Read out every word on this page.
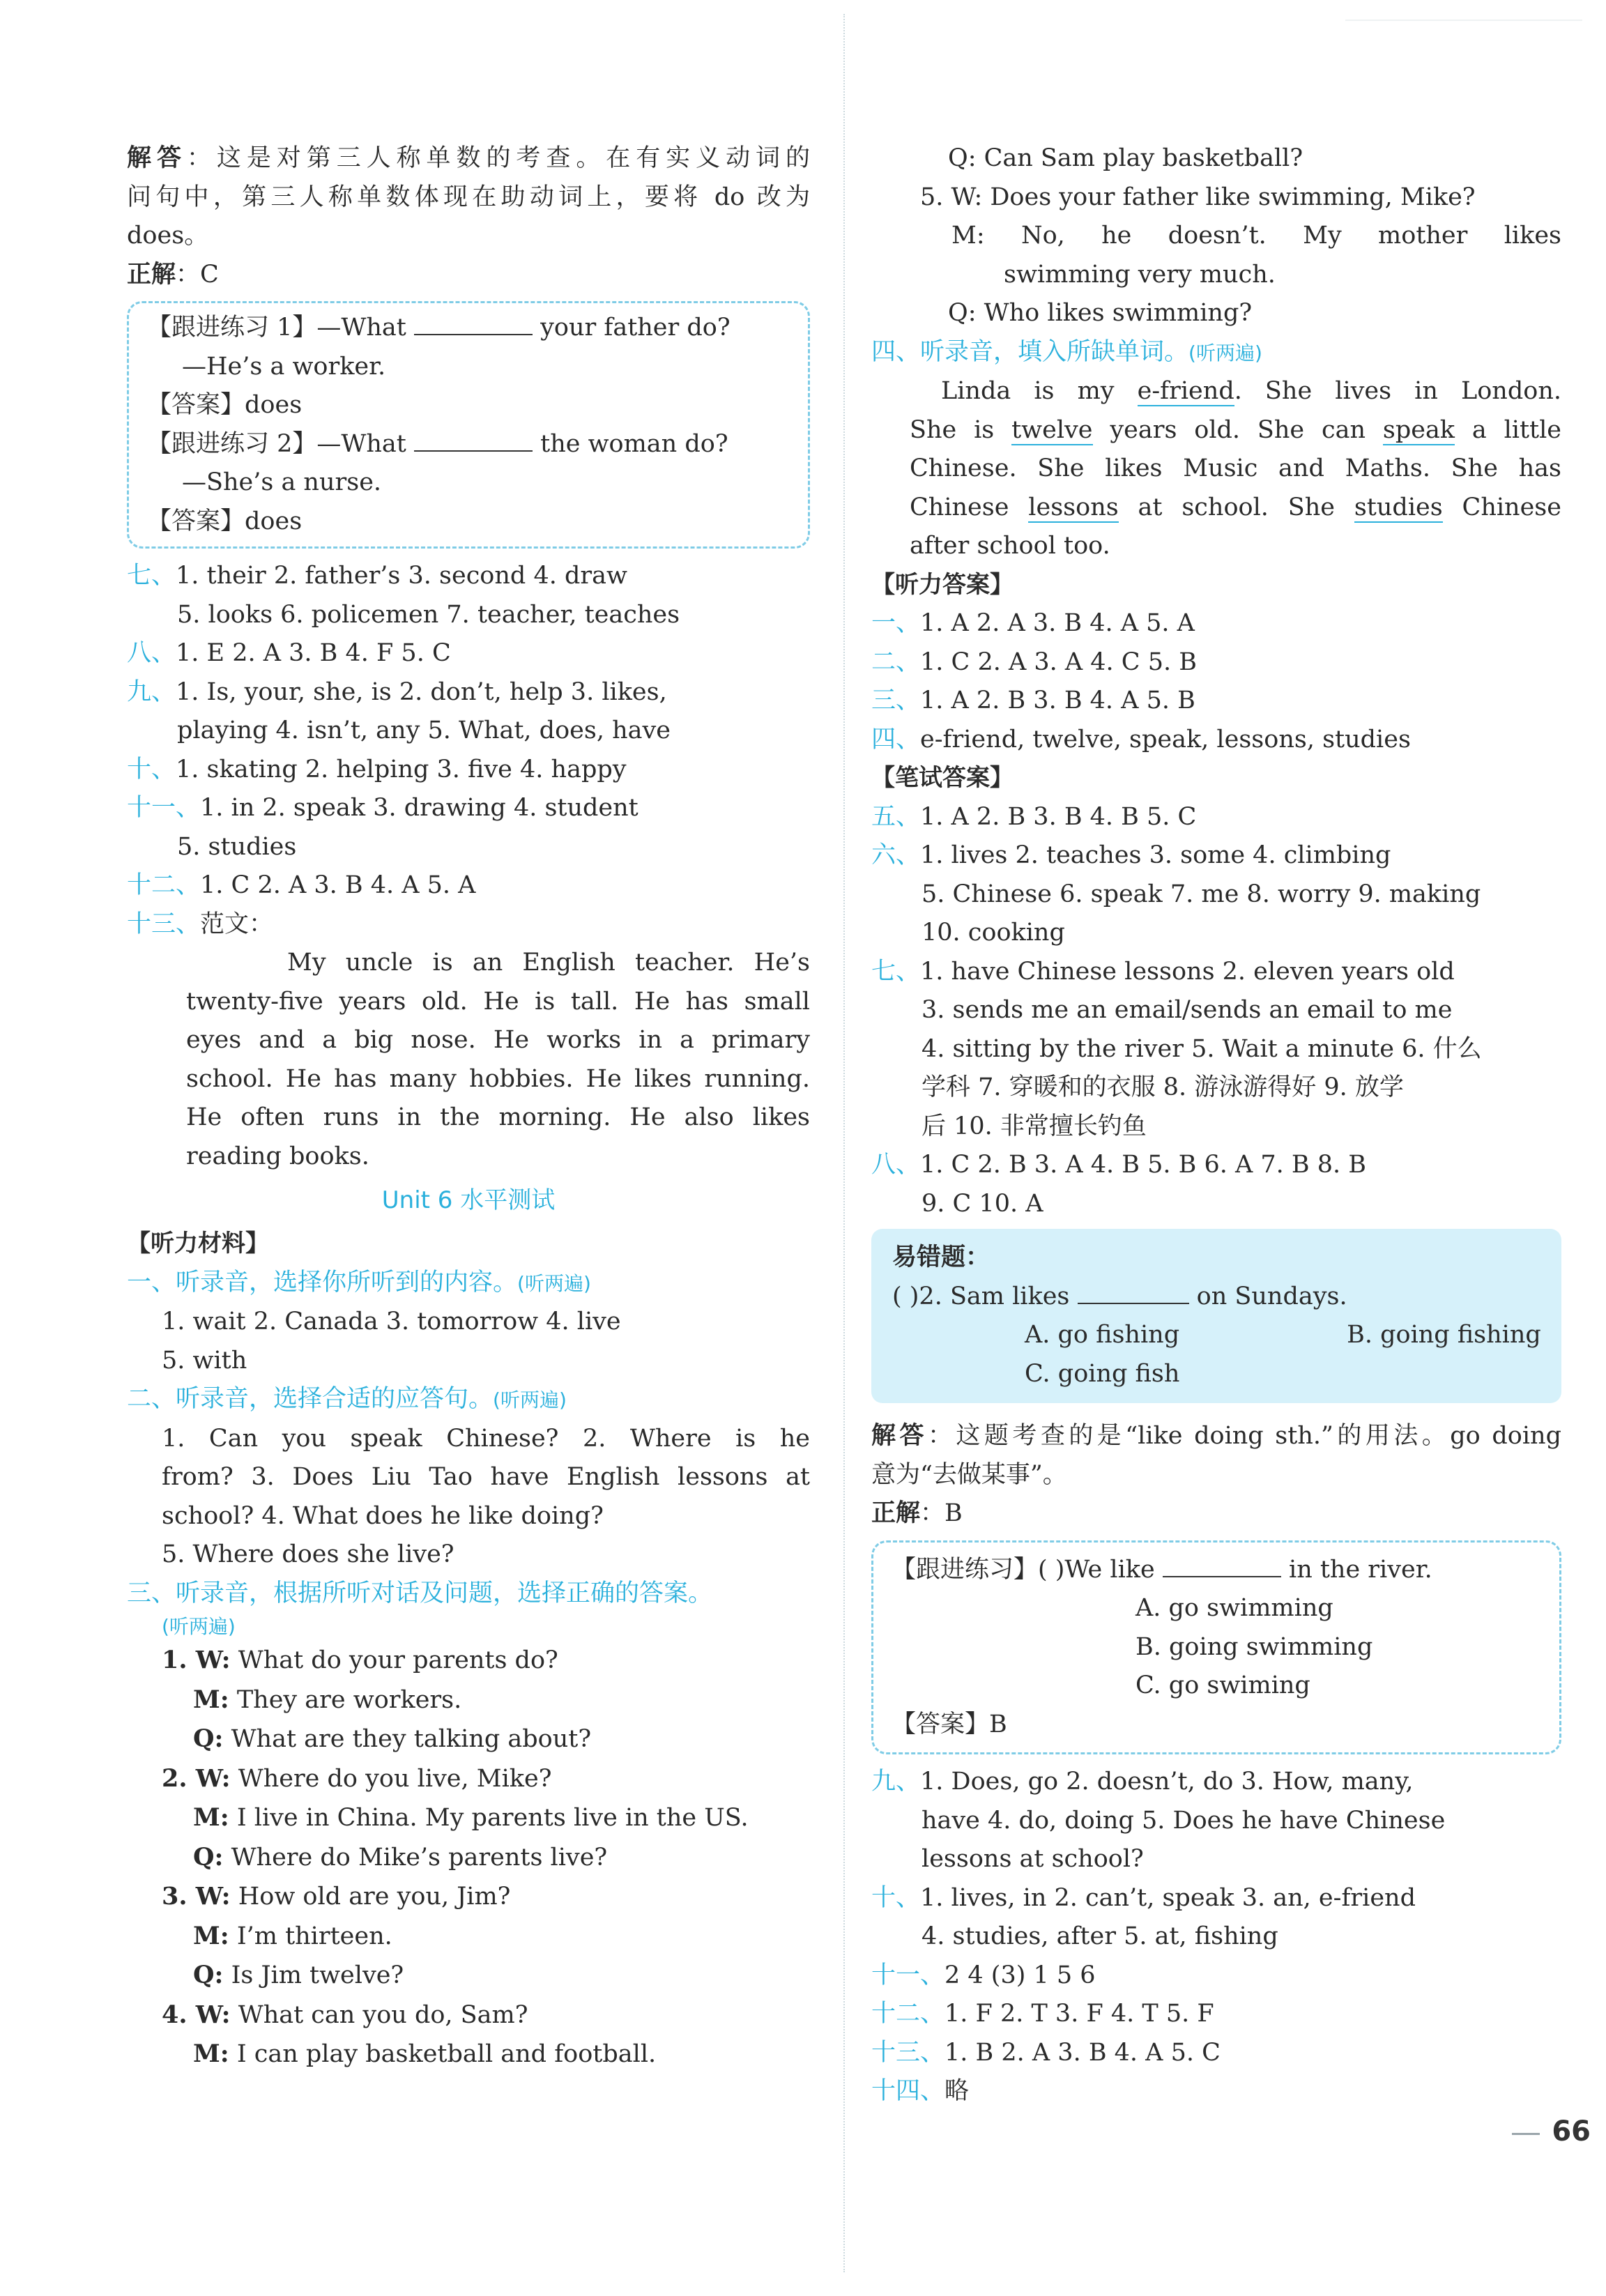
解答：这是对第三人称单数的考查。在有实义动词的
问句中，第三人称单数体现在助动词上，要将 do 改为
does。
正解：C
【跟进练习 1】—What	your father do?
—He’s a worker.
【答案】does
【跟进练习 2】—What	the woman do?
—She’s a nurse.
【答案】does
七、1. their 2. father’s 3. second 4. draw
5. looks 6. policemen 7. teacher, teaches
八、1. E 2. A 3. B 4. F 5. C
九、1. Is, your, she, is 2. don’t, help 3. likes,
playing 4. isn’t, any 5. What, does, have
十、1. skating 2. helping 3. five 4. happy
十一、1. in 2. speak 3. drawing 4. student
5. studies
十二、1. C 2. A 3. B 4. A 5. A
十三、范文：
My uncle is an English teacher. He’s
twenty-five years old. He is tall. He has small
eyes and a big nose. He works in a primary
school. He has many hobbies. He likes running.
He often runs in the morning. He also likes
reading books.
Unit 6 水平测试
【听力材料】
一、听录音，选择你所听到的内容。(听两遍)
1. wait 2. Canada 3. tomorrow 4. live
5. with
二、听录音，选择合适的应答句。(听两遍)
1. Can you speak Chinese? 2. Where is he
from? 3. Does Liu Tao have English lessons at
school? 4. What does he like doing?
5. Where does she live?
三、听录音，根据所听对话及问题，选择正确的答案。
(听两遍)
1. W: What do your parents do?
M: They are workers.
Q: What are they talking about?
2. W: Where do you live, Mike?
M: I live in China. My parents live in the US.
Q: Where do Mike’s parents live?
3. W: How old are you, Jim?
M: I’m thirteen.
Q: Is Jim twelve?
4. W: What can you do, Sam?
M: I can play basketball and football.
Q: Can Sam play basketball?
5. W: Does your father like swimming, Mike?
M: No, he doesn’t. My mother likes
swimming very much.
Q: Who likes swimming?
四、听录音，填入所缺单词。(听两遍)
Linda is my e-friend. She lives in London.
She is twelve years old. She can speak a little
Chinese. She likes Music and Maths. She has
Chinese lessons at school. She studies Chinese
after school too.
【听力答案】
一、1. A 2. A 3. B 4. A 5. A
二、1. C 2. A 3. A 4. C 5. B
三、1. A 2. B 3. B 4. A 5. B
四、e-friend, twelve, speak, lessons, studies
【笔试答案】
五、1. A 2. B 3. B 4. B 5. C
六、1. lives 2. teaches 3. some 4. climbing
5. Chinese 6. speak 7. me 8. worry 9. making
10. cooking
七、1. have Chinese lessons 2. eleven years old
3. sends me an email/sends an email to me
4. sitting by the river 5. Wait a minute 6. 什么
学科 7. 穿暖和的衣服 8. 游泳游得好 9. 放学
后 10. 非常擅长钓鱼
八、1. C 2. B 3. A 4. B 5. B 6. A 7. B 8. B
9. C 10. A
易错题：
( )2. Sam likes	on Sundays.
A. go fishing	B. going fishing
C. going fish
解答：这题考查的是“like doing sth.”的用法。go doing
意为“去做某事”。
正解：B
【跟进练习】( )We like	in the river.
A. go swimming
B. going swimming
C. go swiming
【答案】B
九、1. Does, go 2. doesn’t, do 3. How, many,
have 4. do, doing 5. Does he have Chinese
lessons at school?
十、1. lives, in 2. can’t, speak 3. an, e-friend
4. studies, after 5. at, fishing
十一、2 4 (3) 1 5 6
十二、1. F 2. T 3. F 4. T 5. F
十三、1. B 2. A 3. B 4. A 5. C
十四、略
66
